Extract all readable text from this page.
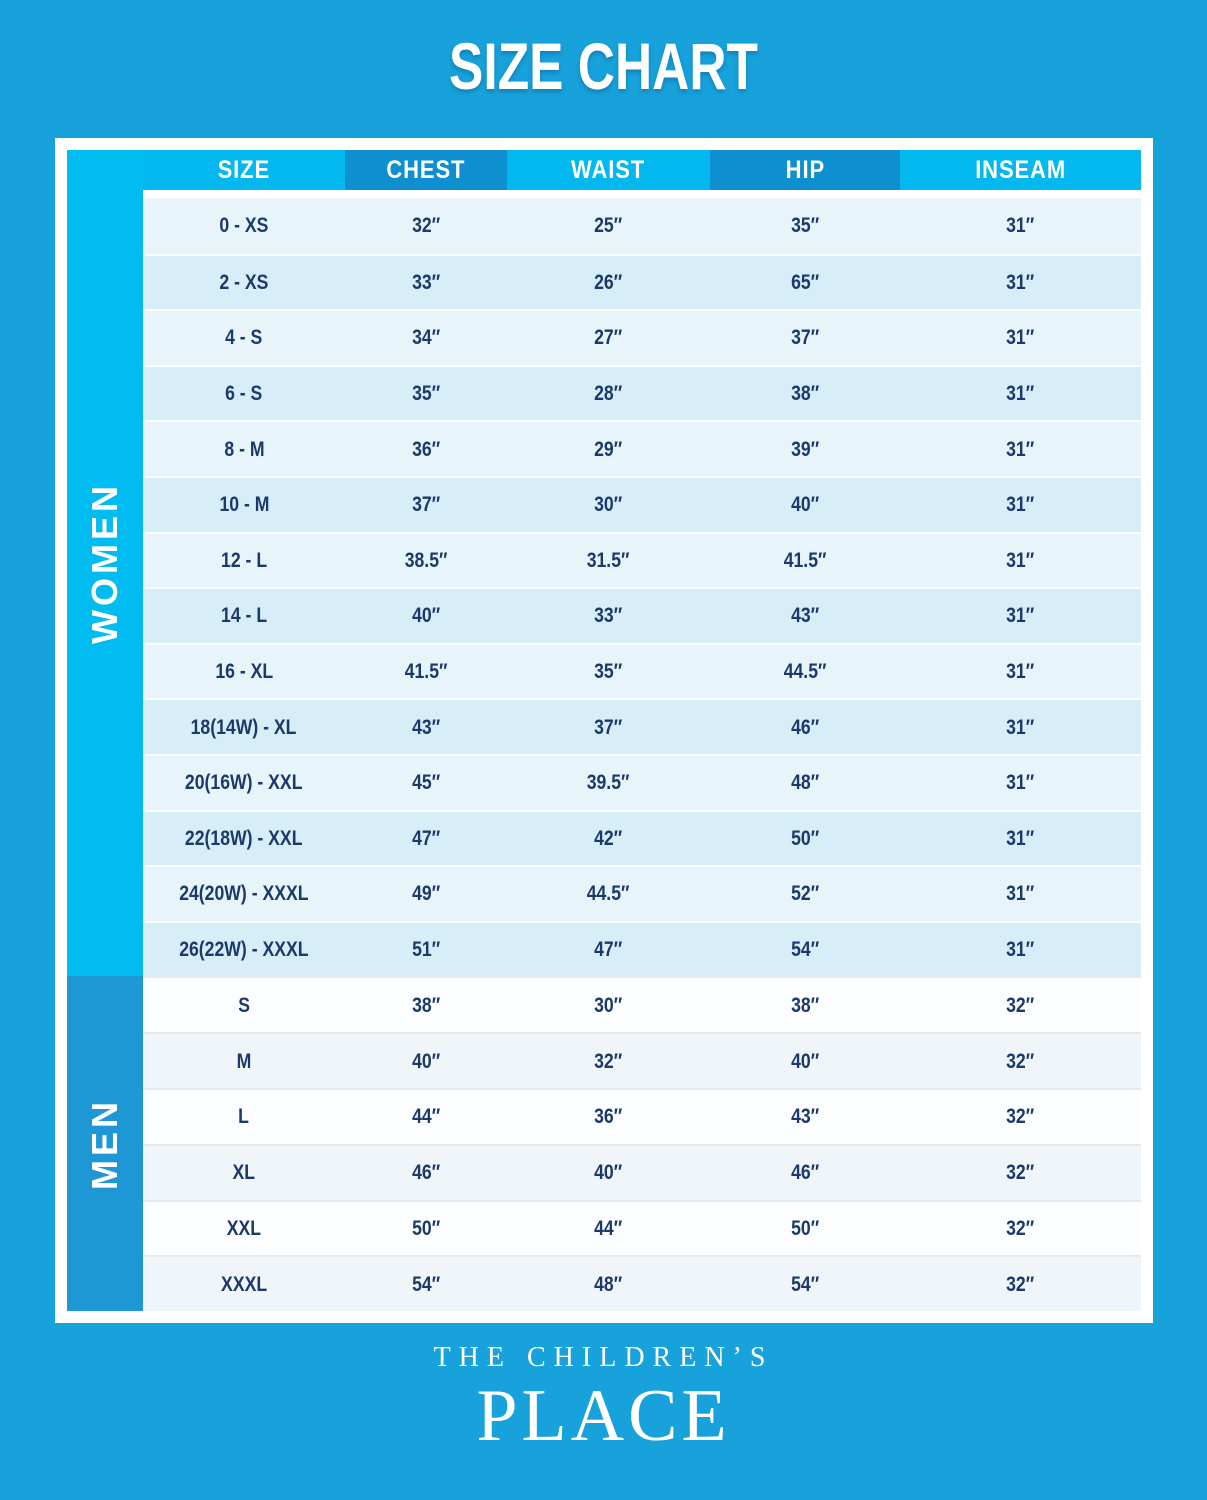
SIZE CHART
WOMEN
MEN
SIZE	CHEST	WAIST	HIP	INSEAM
0 - XS	32″	25″	35″	31″
2 - XS	33″	26″	65″	31″
4 - S	34″	27″	37″	31″
6 - S	35″	28″	38″	31″
8 - M	36″	29″	39″	31″
10 - M	37″	30″	40″	31″
12 - L	38.5″	31.5″	41.5″	31″
14 - L	40″	33″	43″	31″
16 - XL	41.5″	35″	44.5″	31″
18(14W) - XL	43″	37″	46″	31″
20(16W) - XXL	45″	39.5″	48″	31″
22(18W) - XXL	47″	42″	50″	31″
24(20W) - XXXL	49″	44.5″	52″	31″
26(22W) - XXXL	51″	47″	54″	31″
S	38″	30″	38″	32″
M	40″	32″	40″	32″
L	44″	36″	43″	32″
XL	46″	40″	46″	32″
XXL	50″	44″	50″	32″
XXXL	54″	48″	54″	32″
THE CHILDREN’S
PLACE
